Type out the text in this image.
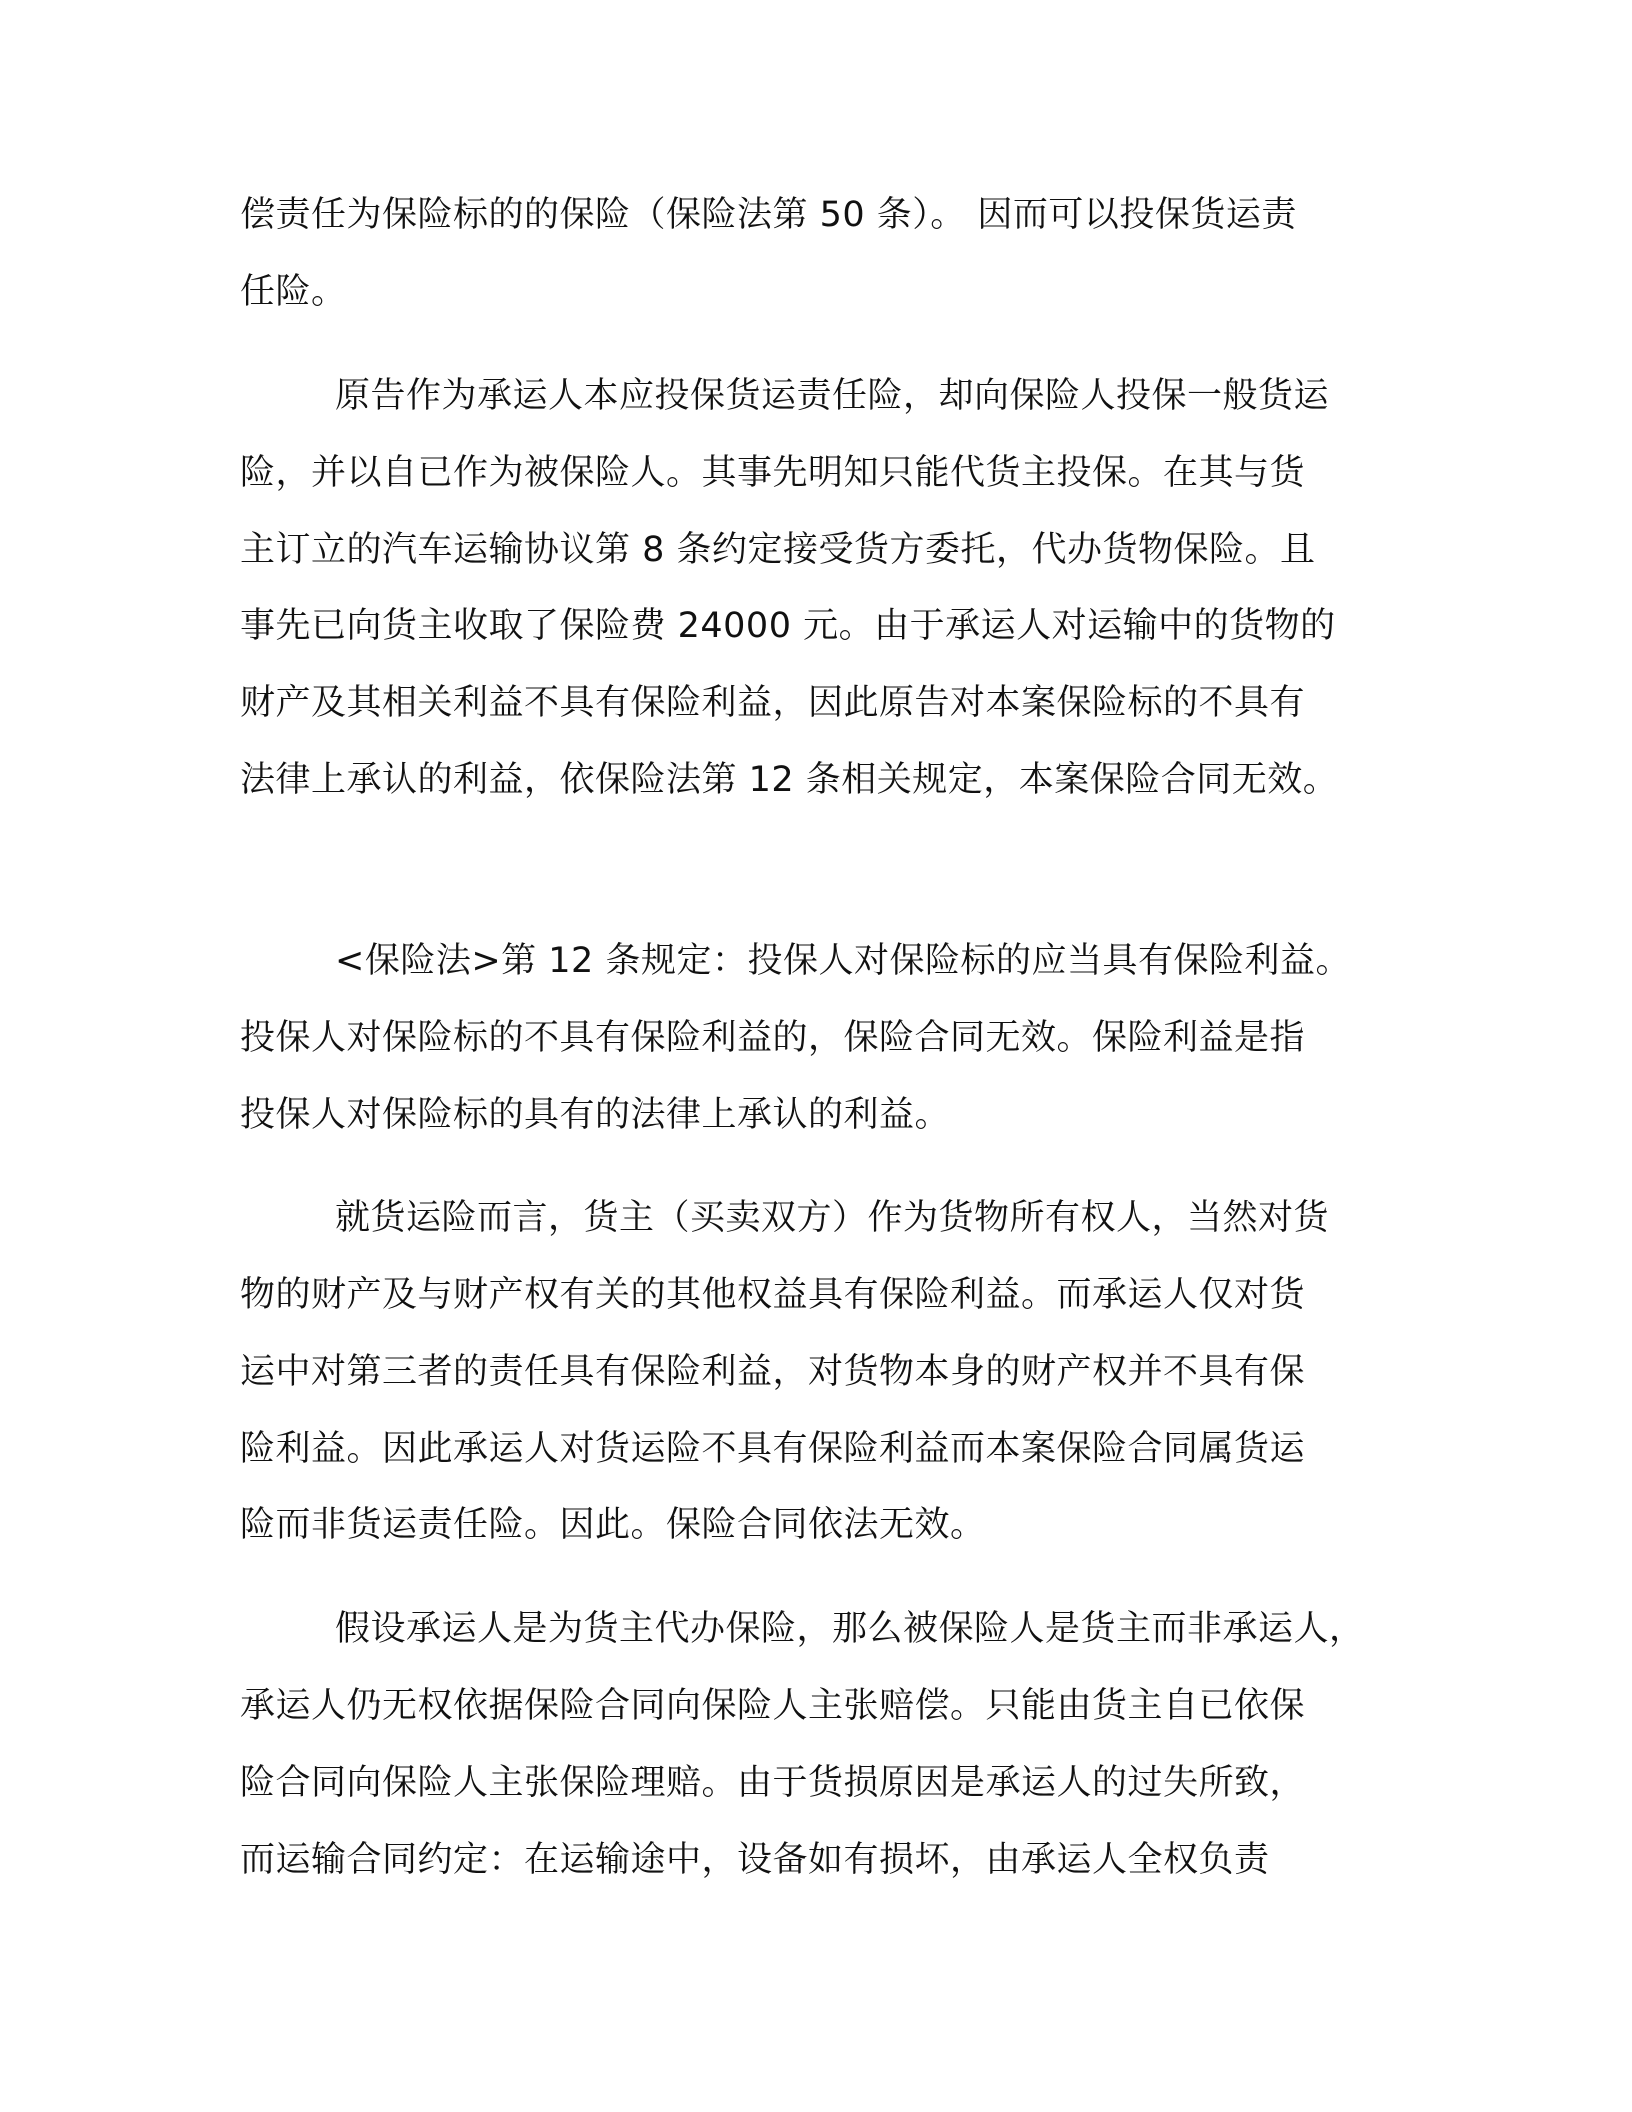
偿责任为保险标的的保险（保险法第 50 条）。 因而可以投保货运责

任险。

原告作为承运人本应投保货运责任险，却向保险人投保一般货运

险，并以自已作为被保险人。其事先明知只能代货主投保。在其与货

主订立的汽车运输协议第 8 条约定接受货方委托，代办货物保险。且

事先已向货主收取了保险费 24000 元。由于承运人对运输中的货物的

财产及其相关利益不具有保险利益，因此原告对本案保险标的不具有

法律上承认的利益，依保险法第 12 条相关规定，本案保险合同无效。

<保险法>第 12 条规定：投保人对保险标的应当具有保险利益。

投保人对保险标的不具有保险利益的，保险合同无效。保险利益是指

投保人对保险标的具有的法律上承认的利益。

就货运险而言，货主（买卖双方）作为货物所有权人，当然对货

物的财产及与财产权有关的其他权益具有保险利益。而承运人仅对货

运中对第三者的责任具有保险利益，对货物本身的财产权并不具有保

险利益。因此承运人对货运险不具有保险利益而本案保险合同属货运

险而非货运责任险。因此。保险合同依法无效。

假设承运人是为货主代办保险，那么被保险人是货主而非承运人，

承运人仍无权依据保险合同向保险人主张赔偿。只能由货主自已依保

险合同向保险人主张保险理赔。由于货损原因是承运人的过失所致，

而运输合同约定：在运输途中，设备如有损坏，由承运人全权负责
